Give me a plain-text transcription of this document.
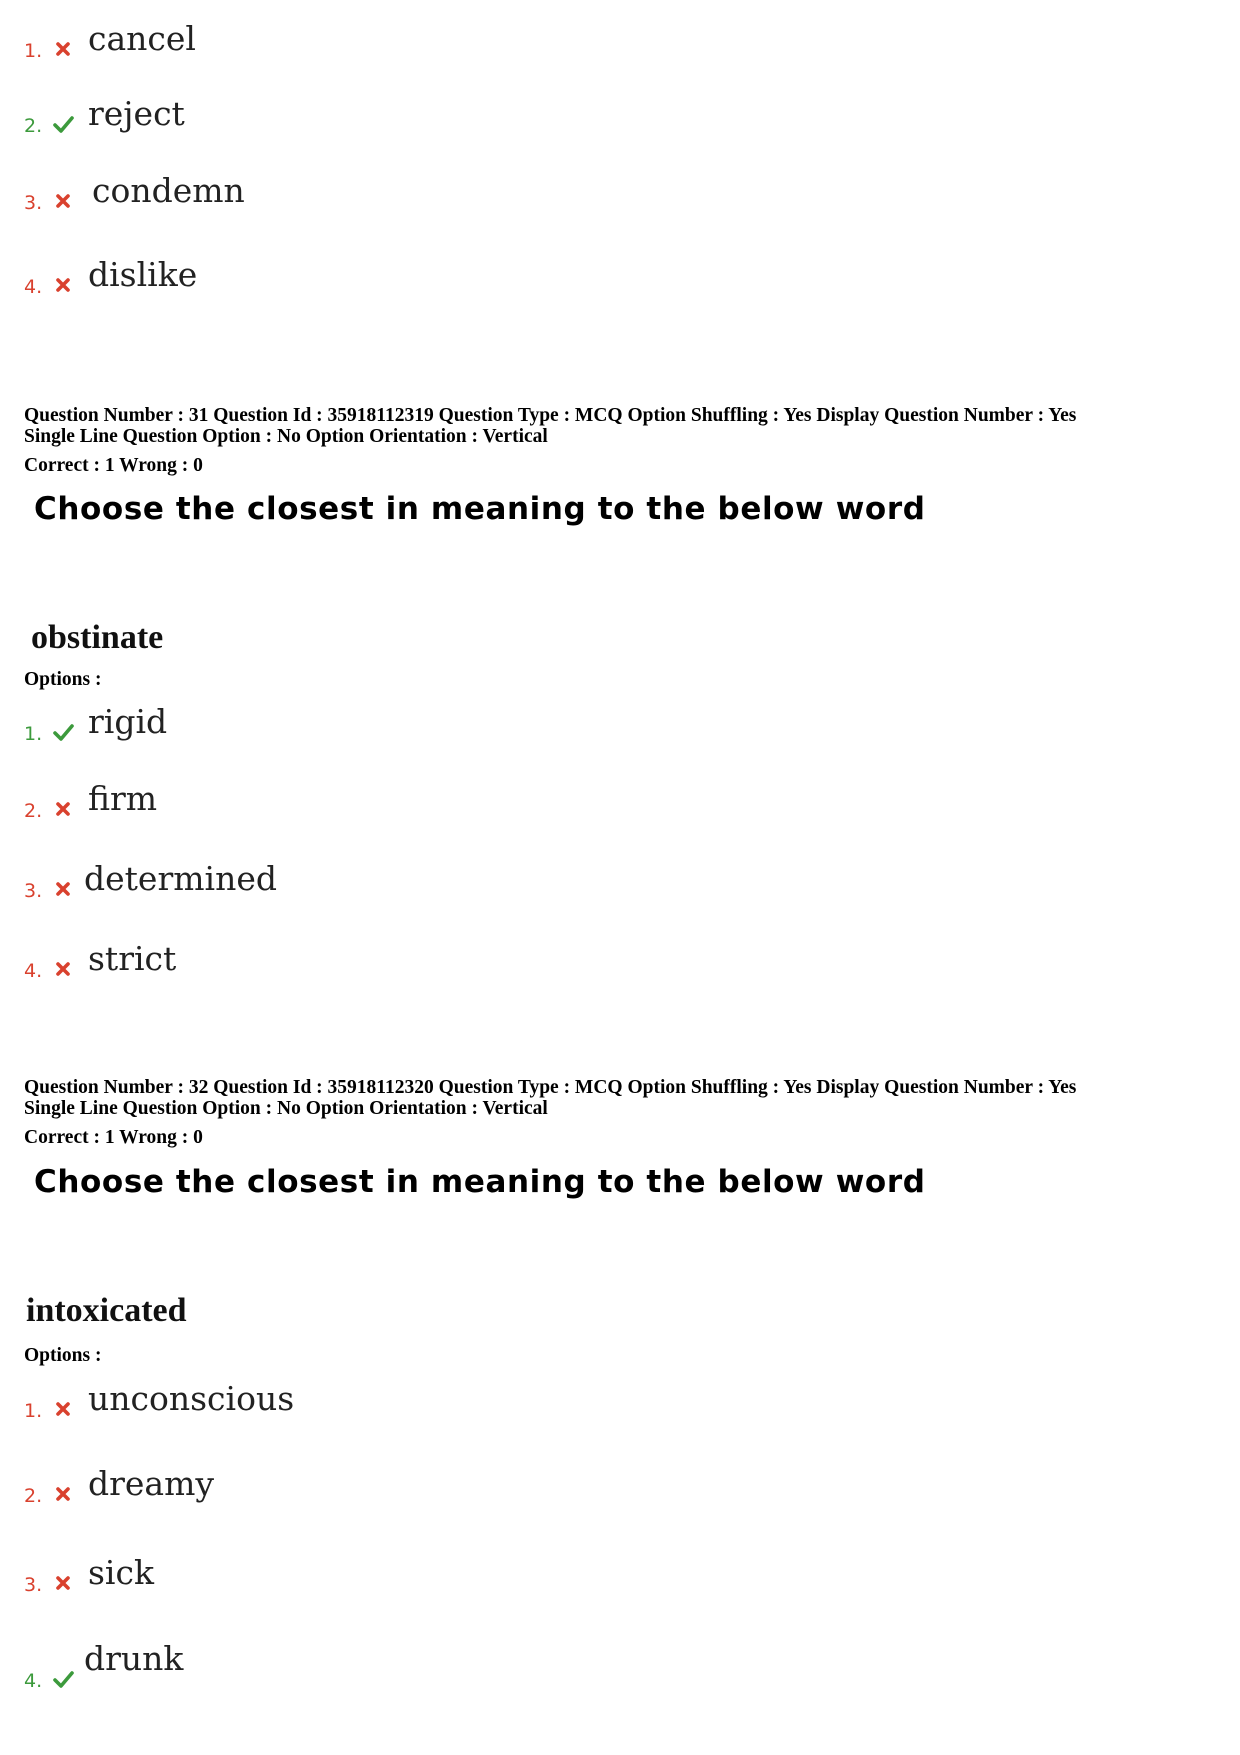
1. cancel
2. reject
3. condemn
4. dislike
Question Number : 31 Question Id : 35918112319 Question Type : MCQ Option Shuffling : Yes Display Question Number : Yes
Single Line Question Option : No Option Orientation : Vertical
Correct : 1 Wrong : 0
Choose the closest in meaning to the below word
obstinate
Options :
1. rigid
2. firm
3. determined
4. strict
Question Number : 32 Question Id : 35918112320 Question Type : MCQ Option Shuffling : Yes Display Question Number : Yes
Single Line Question Option : No Option Orientation : Vertical
Correct : 1 Wrong : 0
Choose the closest in meaning to the below word
intoxicated
Options :
1. unconscious
2. dreamy
3. sick
4.
drunk
